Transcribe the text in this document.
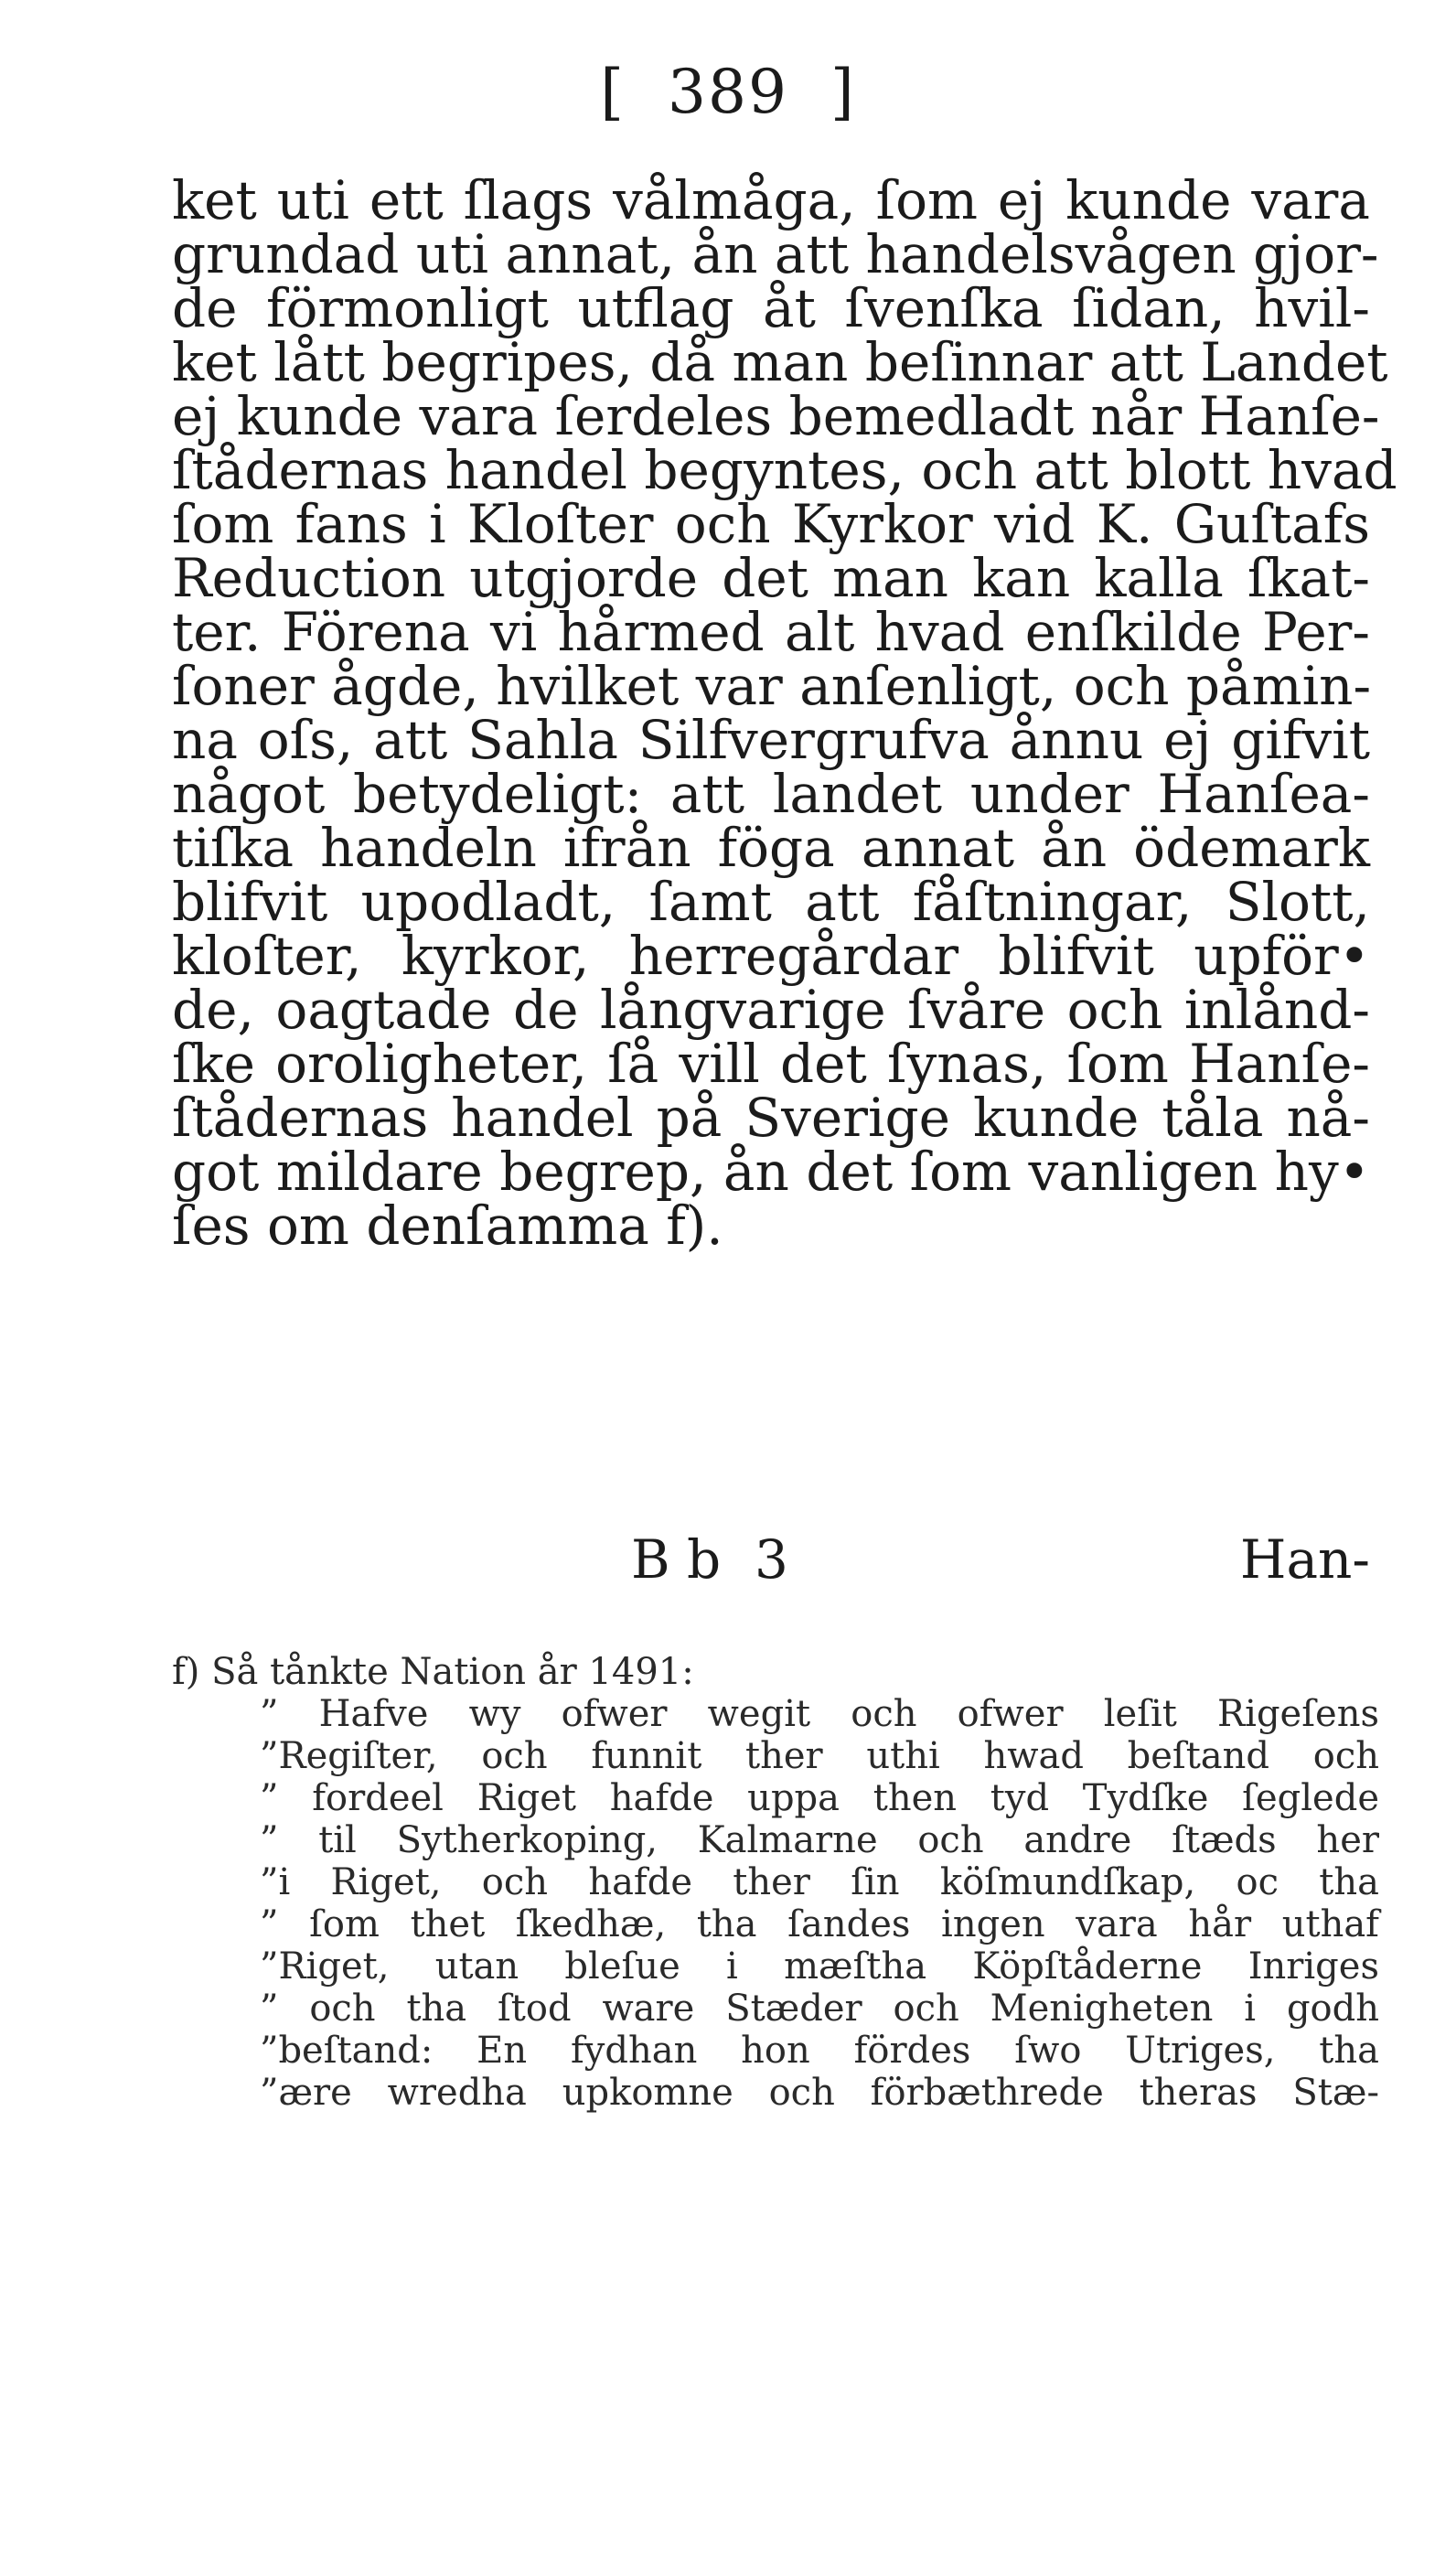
[  389  ]
ket uti ett ſlags vålmåga, ſom ej kunde vara
grundad uti annat, ån att handelsvågen gjor-
de förmonligt utflag åt ſvenſka ſidan, hvil-
ket lått begripes, då man beſinnar att Landet
ej kunde vara ſerdeles bemedladt når Hanſe-
ſtådernas handel begyntes, och att blott hvad
ſom fans i Kloſter och Kyrkor vid K. Guſtafs
Reduction utgjorde det man kan kalla ſkat-
ter. Förena vi hårmed alt hvad enſkilde Per-
ſoner ågde, hvilket var anſenligt, och påmin-
na oſs, att Sahla Silfvergrufva ånnu ej gifvit
något betydeligt: att landet under Hanſea-
tiſka handeln ifrån föga annat ån ödemark
blifvit upodladt, ſamt att fåſtningar, Slott,
kloſter, kyrkor, herregårdar blifvit upför•
de, oagtade de långvarige ſvåre och inlånd-
ſke oroligheter, ſå vill det ſynas, ſom Hanſe-
ſtådernas handel på Sverige kunde tåla nå-
got mildare begrep, ån det ſom vanligen hy•
ſes om denſamma f).
B b  3	Han-
f) Så tånkte Nation år 1491:
” Hafve wy ofwer wegit och ofwer leſit Rigeſens
”Regiſter, och funnit ther uthi hwad beſtand och
” fordeel Riget hafde uppa then tyd Tydſke ſeglede
” til Sytherkoping, Kalmarne och andre ſtæds her
”i Riget, och hafde ther ſin köſmundſkap, oc tha
” ſom thet ſkedhæ, tha ſandes ingen vara hår uthaf
”Riget, utan bleſue i mæſtha Köpſtåderne Inriges
” och tha ſtod ware Stæder och Menigheten i godh
”beſtand: En fydhan hon fördes ſwo Utriges, tha
”ære wredha upkomne och förbæthrede theras Stæ-
